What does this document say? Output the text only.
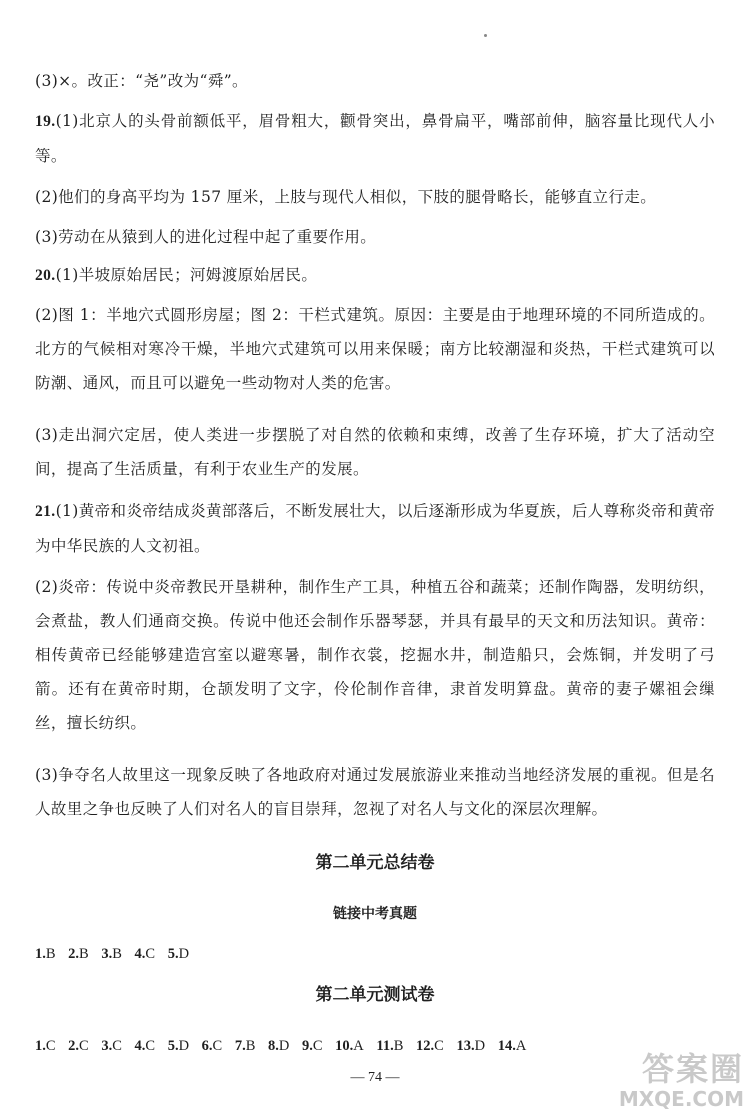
(3)×。改正：“尧”改为“舜”。

19.(1)北京人的头骨前额低平，眉骨粗大，颧骨突出，鼻骨扁平，嘴部前伸，脑容量比现代人小等。

(2)他们的身高平均为 157 厘米，上肢与现代人相似，下肢的腿骨略长，能够直立行走。

(3)劳动在从猿到人的进化过程中起了重要作用。

20.(1)半坡原始居民；河姆渡原始居民。

(2)图 1：半地穴式圆形房屋；图 2：干栏式建筑。原因：主要是由于地理环境的不同所造成的。北方的气候相对寒冷干燥，半地穴式建筑可以用来保暖；南方比较潮湿和炎热，干栏式建筑可以防潮、通风，而且可以避免一些动物对人类的危害。

(3)走出洞穴定居，使人类进一步摆脱了对自然的依赖和束缚，改善了生存环境，扩大了活动空间，提高了生活质量，有利于农业生产的发展。

21.(1)黄帝和炎帝结成炎黄部落后，不断发展壮大，以后逐渐形成为华夏族，后人尊称炎帝和黄帝为中华民族的人文初祖。

(2)炎帝：传说中炎帝教民开垦耕种，制作生产工具，种植五谷和蔬菜；还制作陶器，发明纺织，会煮盐，教人们通商交换。传说中他还会制作乐器琴瑟，并具有最早的天文和历法知识。黄帝：相传黄帝已经能够建造宫室以避寒暑，制作衣裳，挖掘水井，制造船只，会炼铜，并发明了弓箭。还有在黄帝时期，仓颉发明了文字，伶伦制作音律，隶首发明算盘。黄帝的妻子嫘祖会缫丝，擅长纺织。

(3)争夺名人故里这一现象反映了各地政府对通过发展旅游业来推动当地经济发展的重视。但是名人故里之争也反映了人们对名人的盲目崇拜，忽视了对名人与文化的深层次理解。

第二单元总结卷
链接中考真题

1.B 2.B 3.B 4.C 5.D

第二单元测试卷

1.C 2.C 3.C 4.C 5.D 6.C 7.B 8.D 9.C 10.A 11.B 12.C 13.D 14.A

— 74 —	答案圈
MXQE.COM
